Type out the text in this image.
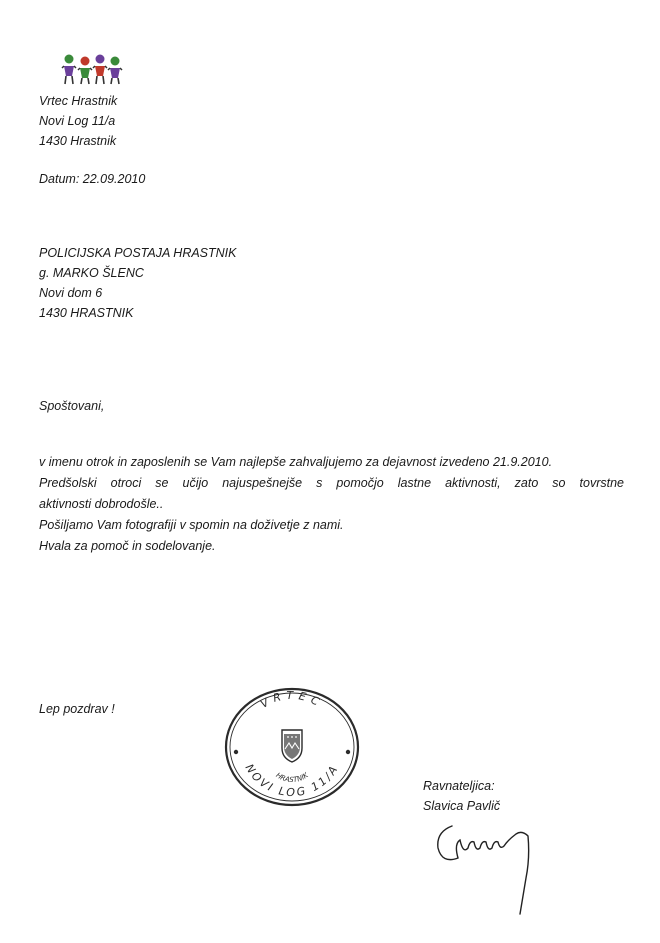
Vrtec Hrastnik
Novi Log 11/a
1430 Hrastnik
Datum: 22.09.2010
POLICIJSKA POSTAJA HRASTNIK
g. MARKO ŠLENC
Novi dom 6
1430 HRASTNIK
Spoštovani,
v imenu otrok in zaposlenih se Vam najlepše zahvaljujemo za dejavnost izvedeno 21.9.2010.
Predšolski otroci se učijo najuspešnejše s pomočjo lastne aktivnosti, zato so tovrstne
aktivnosti dobrodošle..
Pošiljamo Vam fotografiji v spomin na doživetje z nami.
Hvala za pomoč in sodelovanje.
Lep pozdrav !	VRTEC
NOVI LOG 11/A
HRASTNIK
Ravnateljica:
Slavica Pavlič
